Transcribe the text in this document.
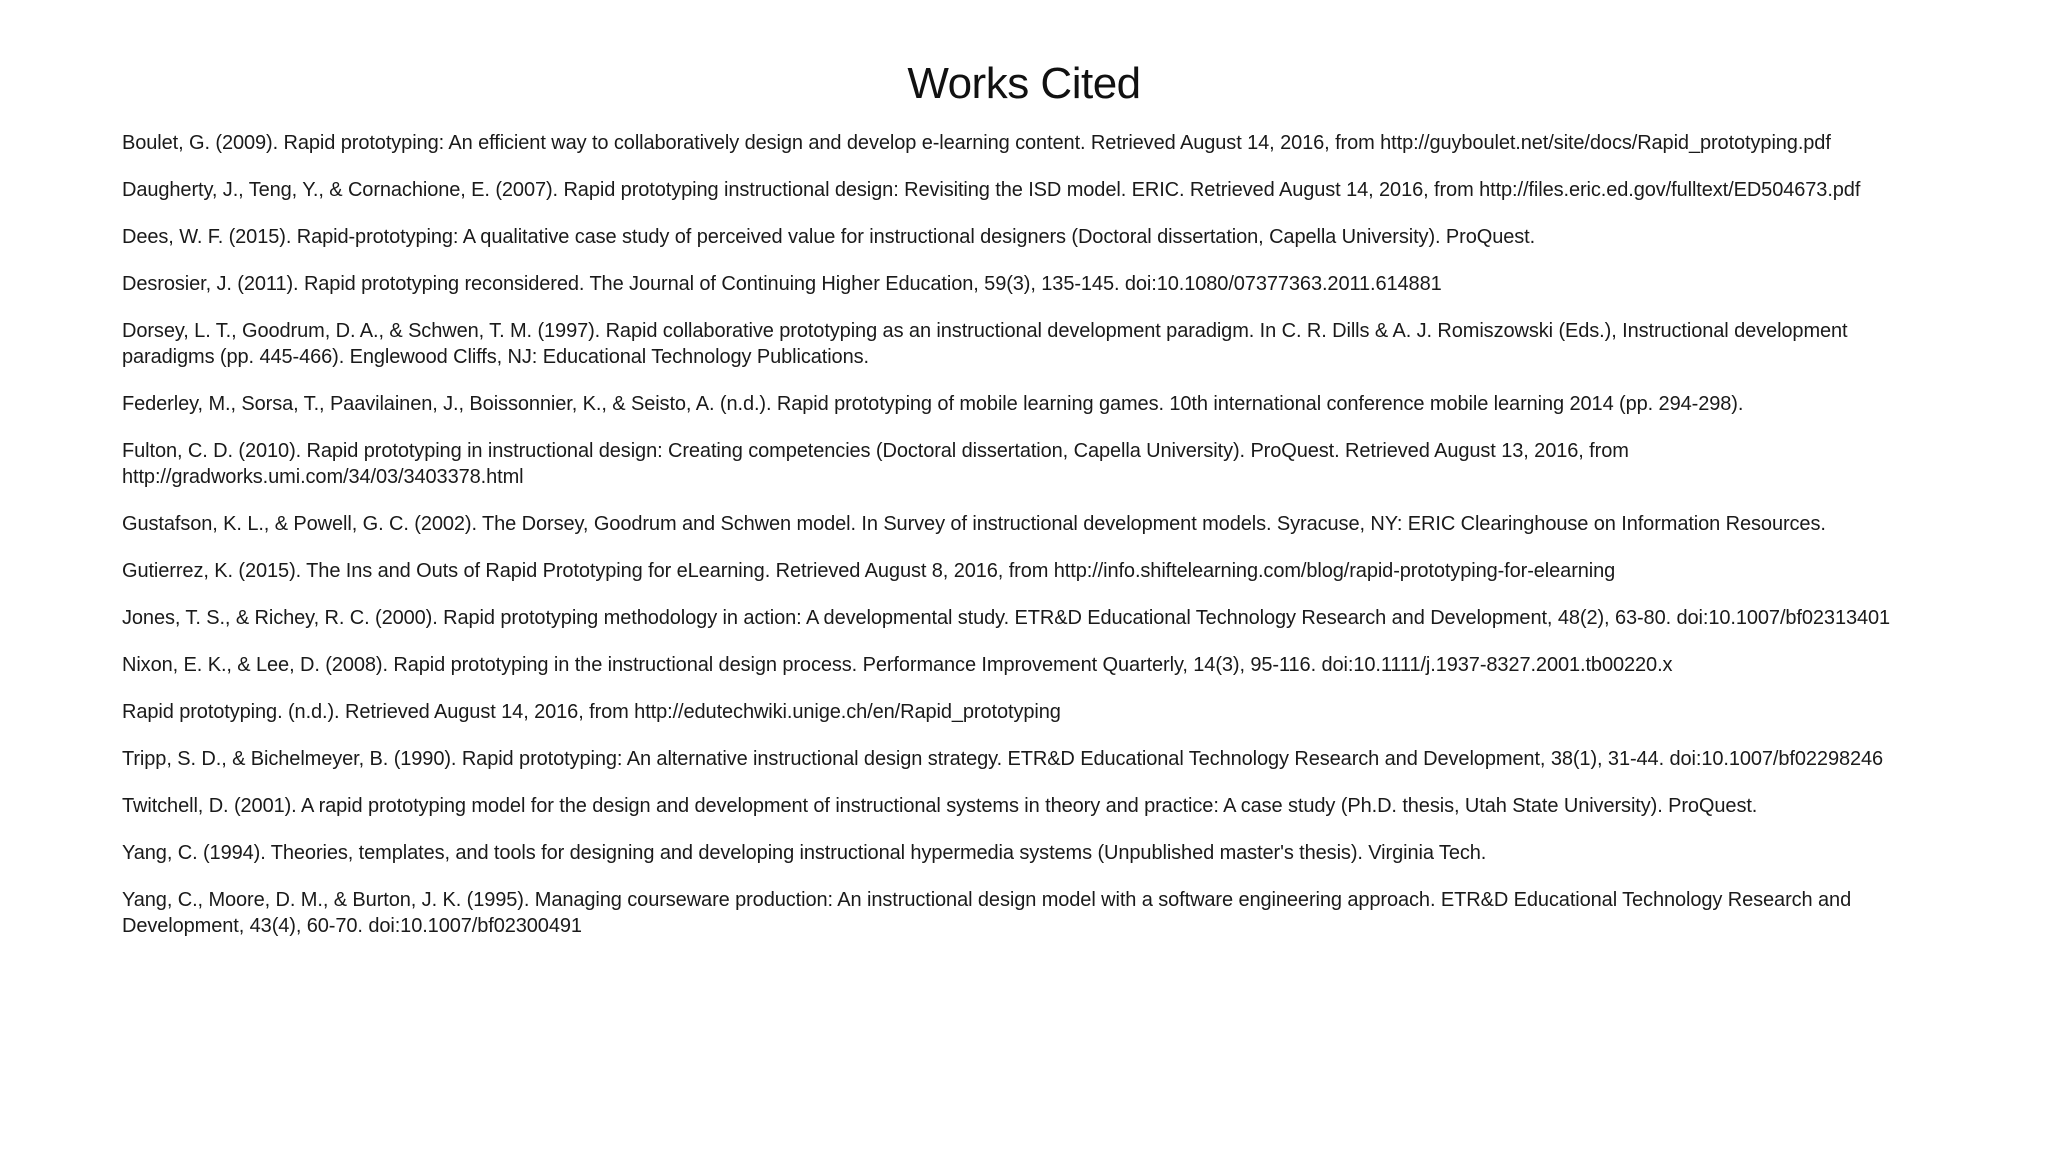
Works Cited
Boulet, G. (2009). Rapid prototyping: An efficient way to collaboratively design and develop e-learning content. Retrieved August 14, 2016, from http://guyboulet.net/site/docs/Rapid_prototyping.pdf
Daugherty, J., Teng, Y., & Cornachione, E. (2007). Rapid prototyping instructional design: Revisiting the ISD model. ERIC. Retrieved August 14, 2016, from http://files.eric.ed.gov/fulltext/ED504673.pdf
Dees, W. F. (2015). Rapid-prototyping: A qualitative case study of perceived value for instructional designers (Doctoral dissertation, Capella University). ProQuest.
Desrosier, J. (2011). Rapid prototyping reconsidered. The Journal of Continuing Higher Education, 59(3), 135-145. doi:10.1080/07377363.2011.614881
Dorsey, L. T., Goodrum, D. A., & Schwen, T. M. (1997). Rapid collaborative prototyping as an instructional development paradigm. In C. R. Dills & A. J. Romiszowski (Eds.), Instructional development paradigms (pp. 445-466). Englewood Cliffs, NJ: Educational Technology Publications.
Federley, M., Sorsa, T., Paavilainen, J., Boissonnier, K., & Seisto, A. (n.d.). Rapid prototyping of mobile learning games. 10th international conference mobile learning 2014 (pp. 294-298).
Fulton, C. D. (2010). Rapid prototyping in instructional design: Creating competencies (Doctoral dissertation, Capella University). ProQuest. Retrieved August 13, 2016, from http://gradworks.umi.com/34/03/3403378.html
Gustafson, K. L., & Powell, G. C. (2002). The Dorsey, Goodrum and Schwen model. In Survey of instructional development models. Syracuse, NY: ERIC Clearinghouse on Information Resources.
Gutierrez, K. (2015). The Ins and Outs of Rapid Prototyping for eLearning. Retrieved August 8, 2016, from http://info.shiftelearning.com/blog/rapid-prototyping-for-elearning
Jones, T. S., & Richey, R. C. (2000). Rapid prototyping methodology in action: A developmental study. ETR&D Educational Technology Research and Development, 48(2), 63-80. doi:10.1007/bf02313401
Nixon, E. K., & Lee, D. (2008). Rapid prototyping in the instructional design process. Performance Improvement Quarterly, 14(3), 95-116. doi:10.1111/j.1937-8327.2001.tb00220.x
Rapid prototyping. (n.d.). Retrieved August 14, 2016, from http://edutechwiki.unige.ch/en/Rapid_prototyping
Tripp, S. D., & Bichelmeyer, B. (1990). Rapid prototyping: An alternative instructional design strategy. ETR&D Educational Technology Research and Development, 38(1), 31-44. doi:10.1007/bf02298246
Twitchell, D. (2001). A rapid prototyping model for the design and development of instructional systems in theory and practice: A case study (Ph.D. thesis, Utah State University). ProQuest.
Yang, C. (1994). Theories, templates, and tools for designing and developing instructional hypermedia systems (Unpublished master's thesis). Virginia Tech.
Yang, C., Moore, D. M., & Burton, J. K. (1995). Managing courseware production: An instructional design model with a software engineering approach. ETR&D Educational Technology Research and Development, 43(4), 60-70. doi:10.1007/bf02300491
